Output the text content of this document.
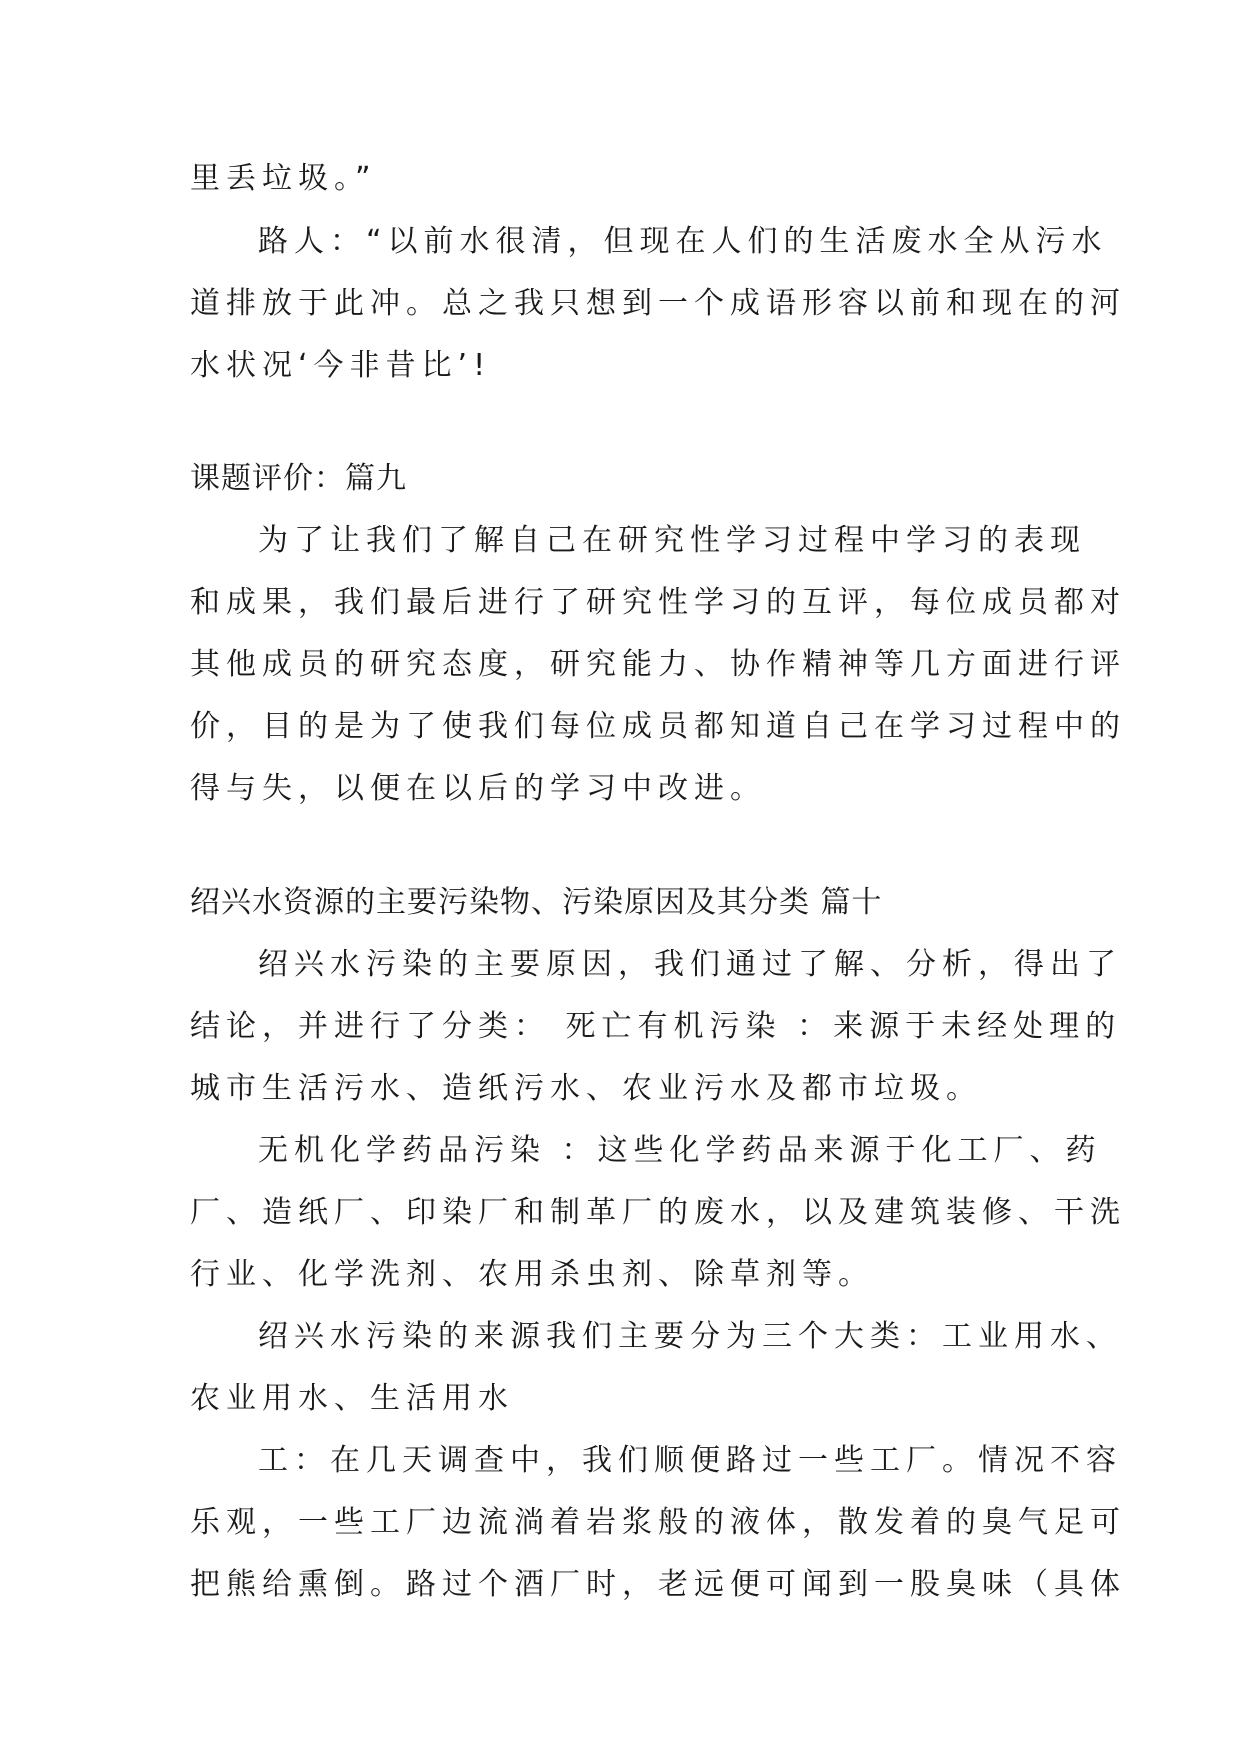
里丢垃圾。”
路人：“以前水很清，但现在人们的生活废水全从污水
道排放于此冲。总之我只想到一个成语形容以前和现在的河
水状况‘今非昔比’!
课题评价：篇九
为了让我们了解自己在研究性学习过程中学习的表现
和成果，我们最后进行了研究性学习的互评，每位成员都对
其他成员的研究态度，研究能力、协作精神等几方面进行评
价，目的是为了使我们每位成员都知道自己在学习过程中的
得与失，以便在以后的学习中改进。
绍兴水资源的主要污染物、污染原因及其分类 篇十
绍兴水污染的主要原因，我们通过了解、分析，得出了
结论，并进行了分类： 死亡有机污染 ：来源于未经处理的
城市生活污水、造纸污水、农业污水及都市垃圾。
无机化学药品污染 ：这些化学药品来源于化工厂、药
厂、造纸厂、印染厂和制革厂的废水，以及建筑装修、干洗
行业、化学洗剂、农用杀虫剂、除草剂等。
绍兴水污染的来源我们主要分为三个大类：工业用水、
农业用水、生活用水
工：在几天调查中，我们顺便路过一些工厂。情况不容
乐观，一些工厂边流淌着岩浆般的液体，散发着的臭气足可
把熊给熏倒。路过个酒厂时，老远便可闻到一股臭味（具体
